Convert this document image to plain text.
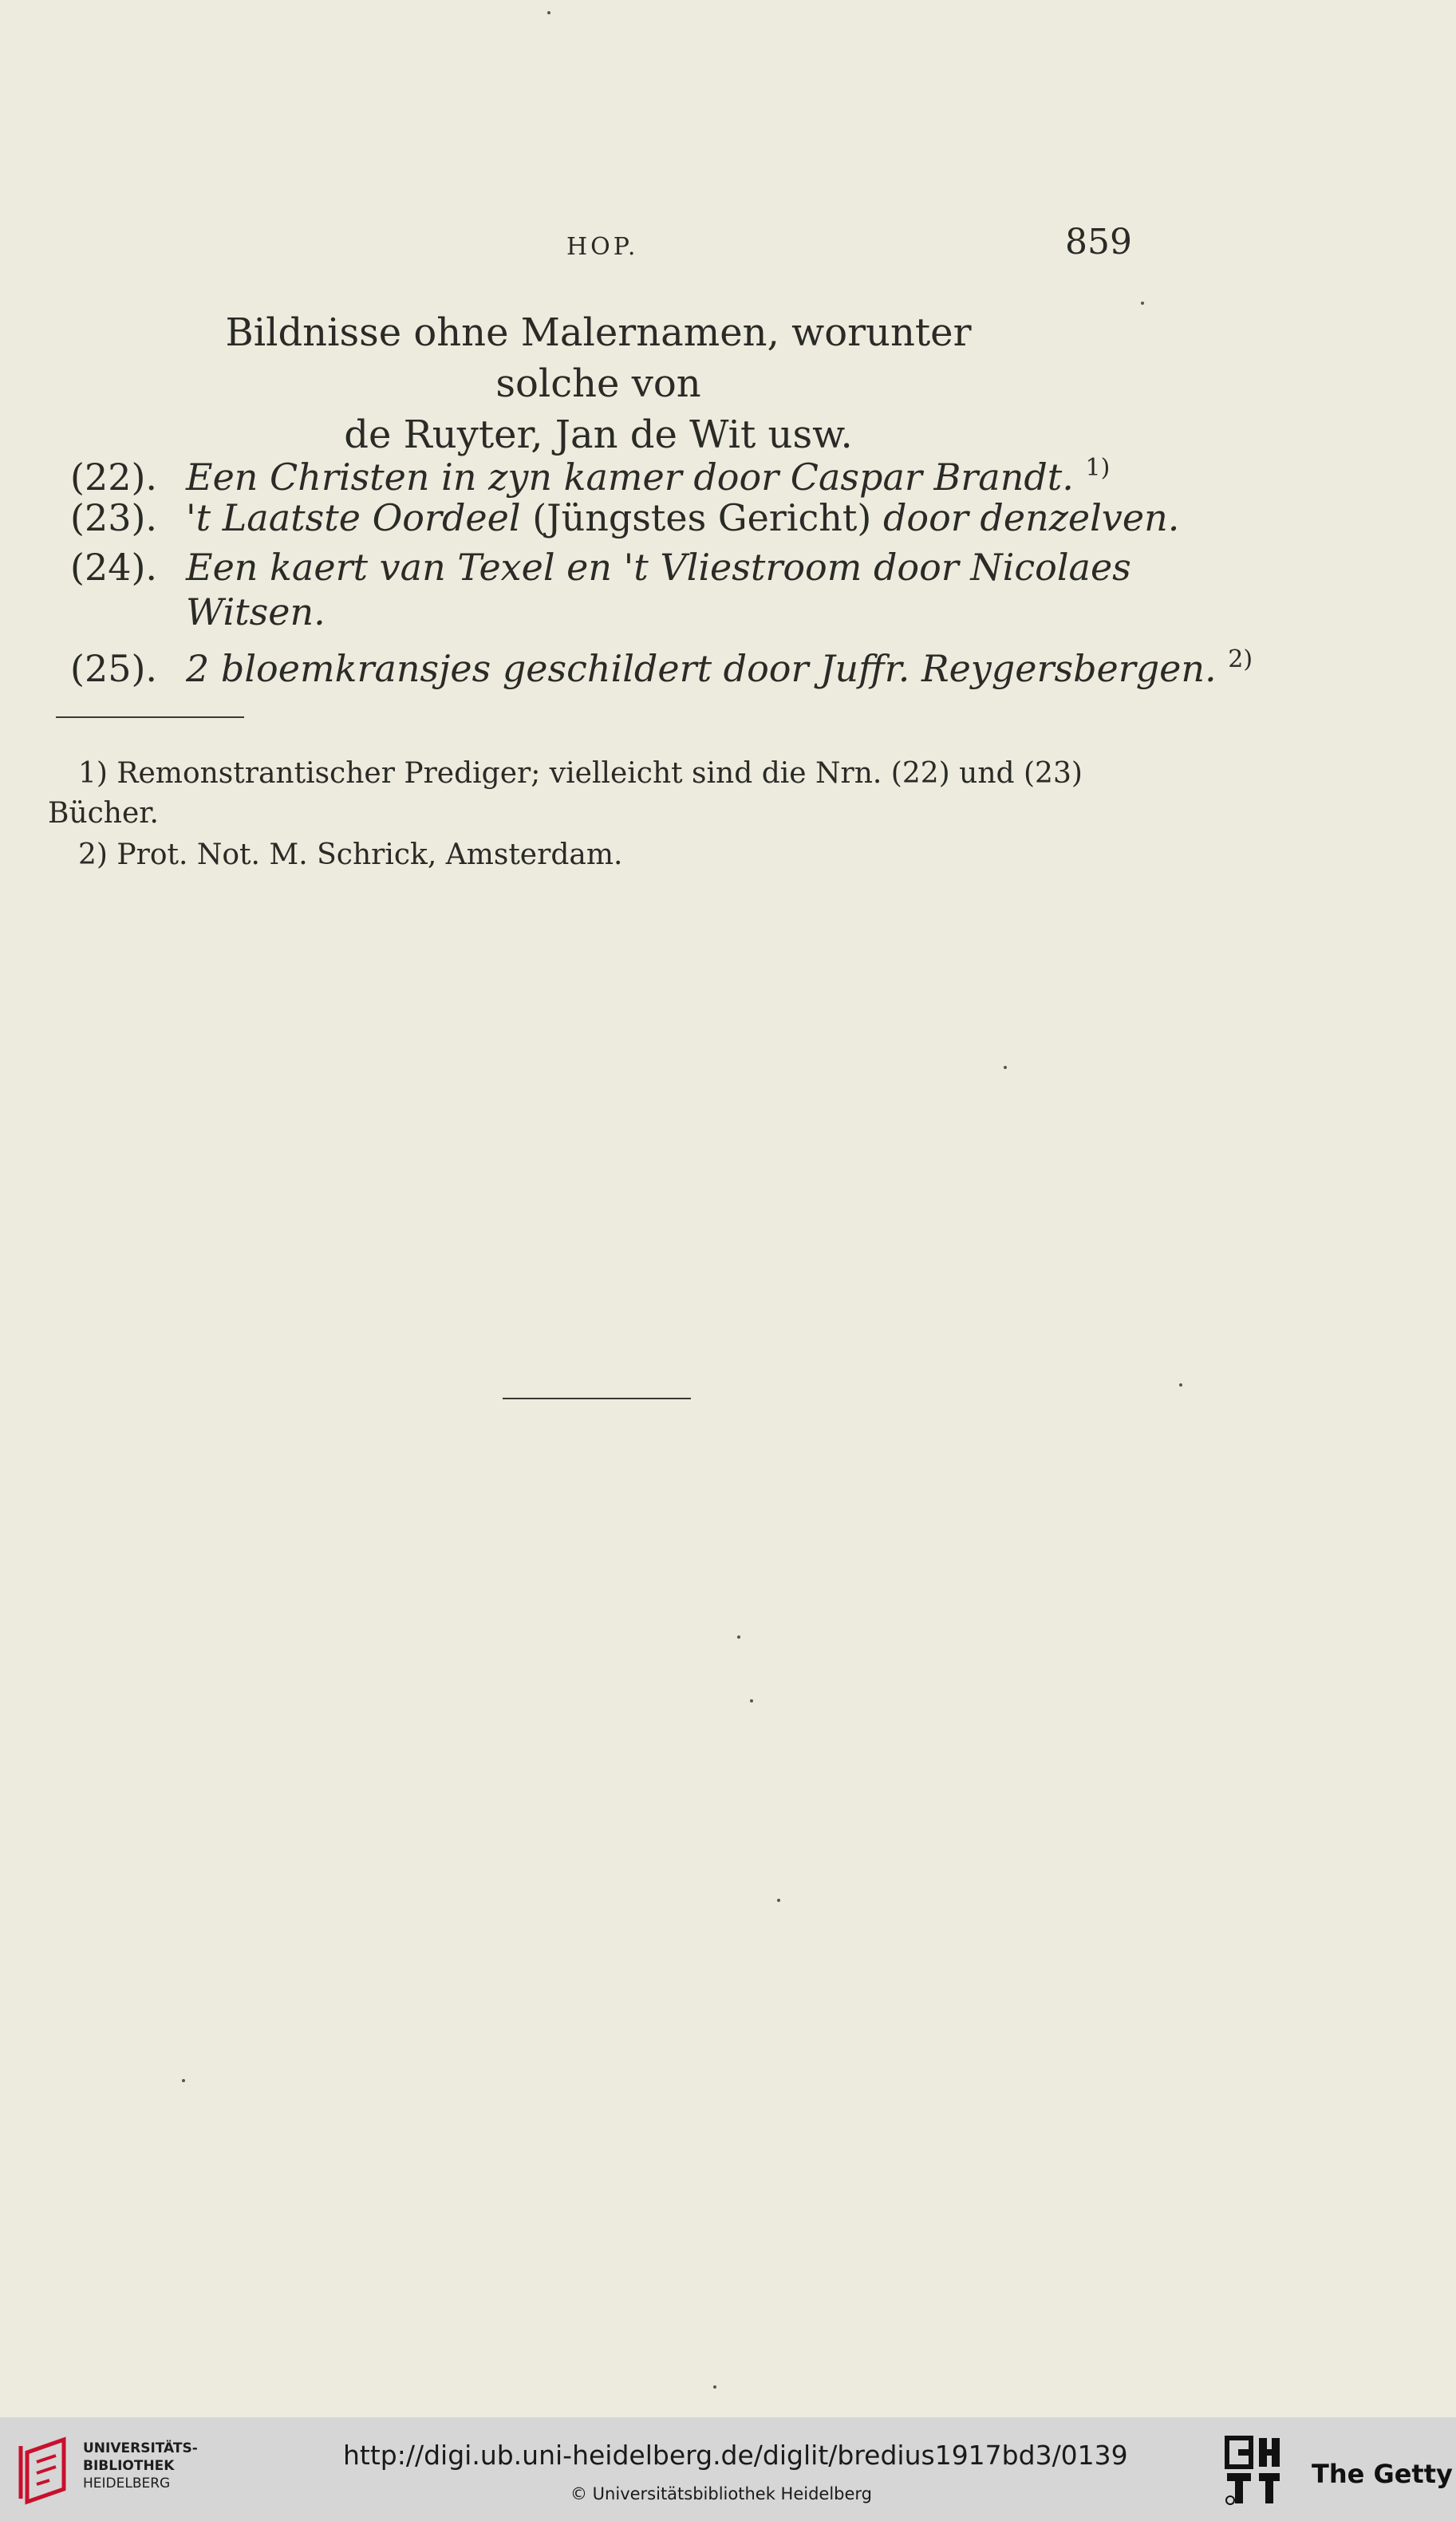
HOP.	859
Bildnisse ohne Malernamen, worunter solche von
de Ruyter, Jan de Wit usw.
(22). Een Christen in zyn kamer door Caspar Brandt. $^{1)}$
(23). 't Laatste Oordeel (Jüngstes Gericht) door denzelven.
(24). Een kaert van Texel en 't Vliestroom door Nicolaes
Witsen.
(25). 2 bloemkransjes geschildert door Juffr. Reygersbergen. $^{2)}$
1) Remonstrantischer Prediger; vielleicht sind die Nrn. (22) und (23)
Bücher.
2) Prot. Not. M. Schrick, Amsterdam.
UNIVERSITÄTS-
BIBLIOTHEK
HEIDELBERG
http://digi.ub.uni-heidelberg.de/diglit/bredius1917bd3/0139
© Universitätsbibliothek Heidelberg
The Getty
